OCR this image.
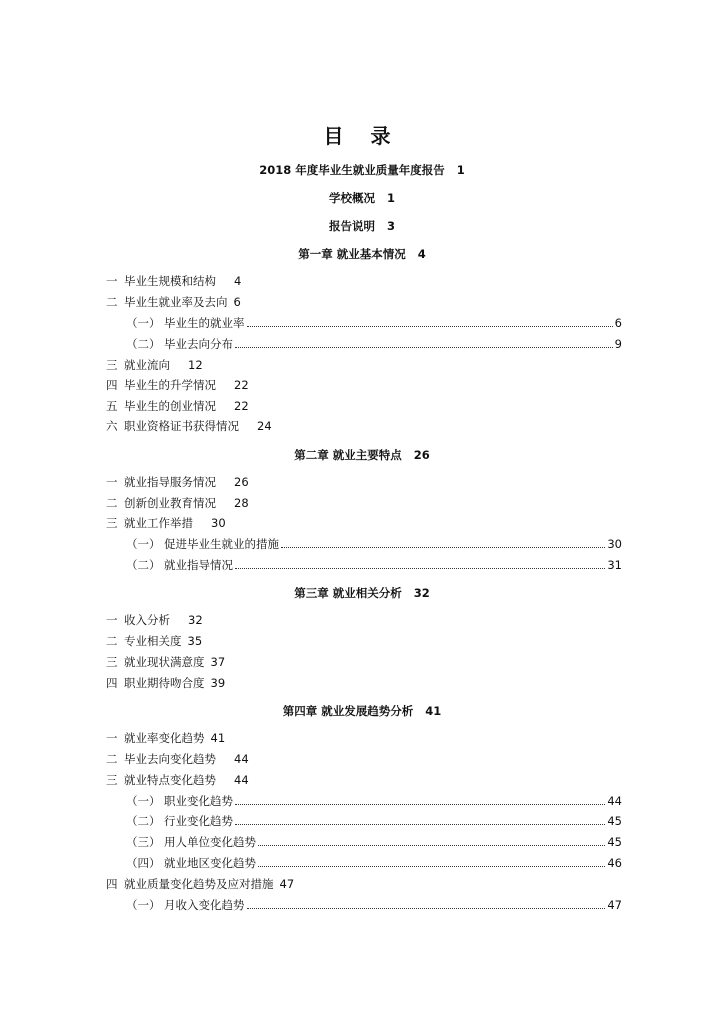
目 录
2018 年度毕业生就业质量年度报告 1
学校概况 1
报告说明 3
第一章 就业基本情况 4
一 毕业生规模和结构 4
二 毕业生就业率及去向 6
（一） 毕业生的就业率	6
（二） 毕业去向分布	9
三 就业流向 12
四 毕业生的升学情况 22
五 毕业生的创业情况 22
六 职业资格证书获得情况 24
第二章 就业主要特点 26
一 就业指导服务情况 26
二 创新创业教育情况 28
三 就业工作举措 30
（一） 促进毕业生就业的措施	30
（二） 就业指导情况	31
第三章 就业相关分析 32
一 收入分析 32
二 专业相关度 35
三 就业现状满意度 37
四 职业期待吻合度 39
第四章 就业发展趋势分析 41
一 就业率变化趋势 41
二 毕业去向变化趋势 44
三 就业特点变化趋势 44
（一） 职业变化趋势	44
（二） 行业变化趋势	45
（三） 用人单位变化趋势	45
（四） 就业地区变化趋势	46
四 就业质量变化趋势及应对措施 47
（一） 月收入变化趋势	47
